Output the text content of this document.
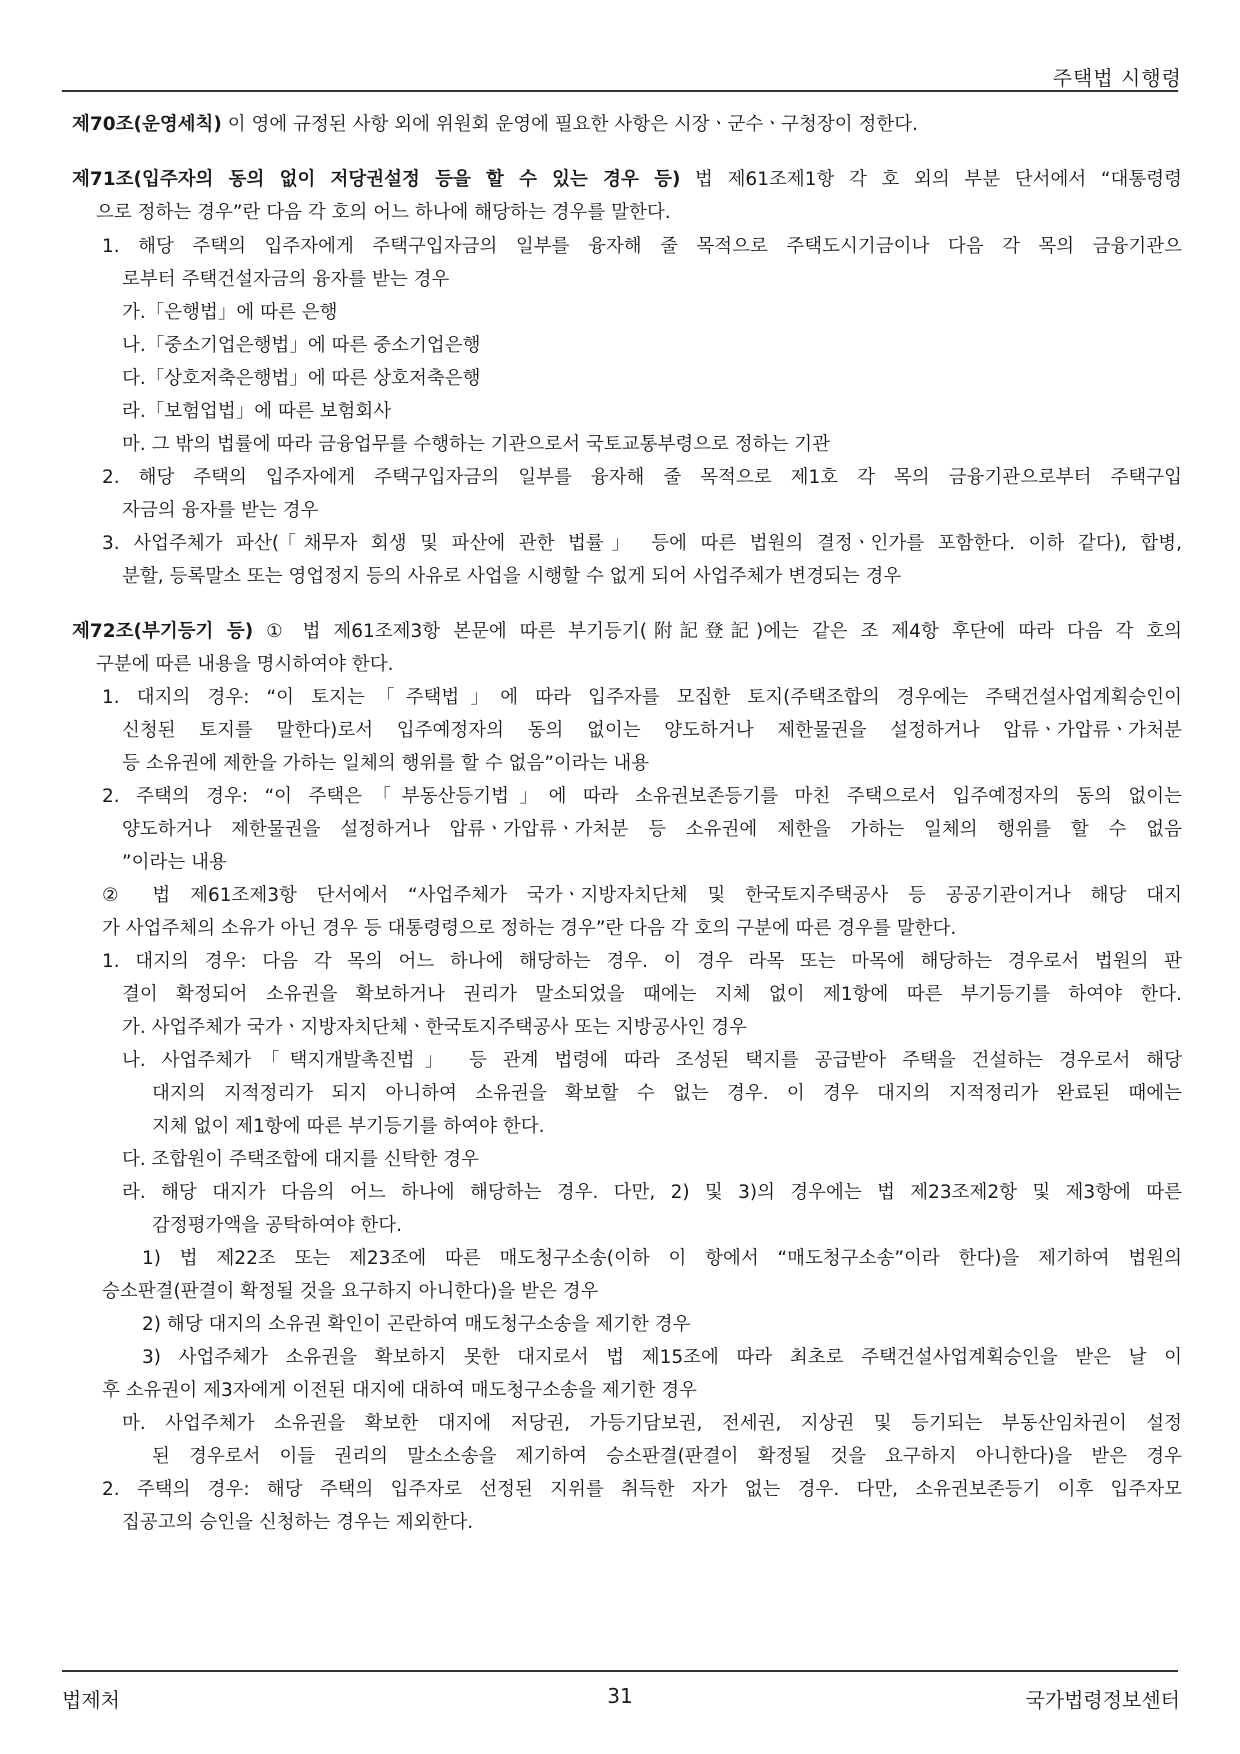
주택법 시행령
제70조(운영세칙) 이 영에 규정된 사항 외에 위원회 운영에 필요한 사항은 시장ㆍ군수ㆍ구청장이 정한다.
제71조(입주자의 동의 없이 저당권설정 등을 할 수 있는 경우 등) 법 제61조제1항 각 호 외의 부분 단서에서 “대통령령
으로 정하는 경우”란 다음 각 호의 어느 하나에 해당하는 경우를 말한다.
1. 해당 주택의 입주자에게 주택구입자금의 일부를 융자해 줄 목적으로 주택도시기금이나 다음 각 목의 금융기관으
로부터 주택건설자금의 융자를 받는 경우
가.「은행법」에 따른 은행
나.「중소기업은행법」에 따른 중소기업은행
다.「상호저축은행법」에 따른 상호저축은행
라.「보험업법」에 따른 보험회사
마. 그 밖의 법률에 따라 금융업무를 수행하는 기관으로서 국토교통부령으로 정하는 기관
2. 해당 주택의 입주자에게 주택구입자금의 일부를 융자해 줄 목적으로 제1호 각 목의 금융기관으로부터 주택구입
자금의 융자를 받는 경우
3. 사업주체가 파산(「채무자 회생 및 파산에 관한 법률」 등에 따른 법원의 결정ㆍ인가를 포함한다. 이하 같다), 합병,
분할, 등록말소 또는 영업정지 등의 사유로 사업을 시행할 수 없게 되어 사업주체가 변경되는 경우
제72조(부기등기 등) ① 법 제61조제3항 본문에 따른 부기등기(附記登記)에는 같은 조 제4항 후단에 따라 다음 각 호의
구분에 따른 내용을 명시하여야 한다.
1. 대지의 경우: “이 토지는「주택법」에 따라 입주자를 모집한 토지(주택조합의 경우에는 주택건설사업계획승인이
신청된 토지를 말한다)로서 입주예정자의 동의 없이는 양도하거나 제한물권을 설정하거나 압류ㆍ가압류ㆍ가처분
등 소유권에 제한을 가하는 일체의 행위를 할 수 없음”이라는 내용
2. 주택의 경우: “이 주택은「부동산등기법」에 따라 소유권보존등기를 마친 주택으로서 입주예정자의 동의 없이는
양도하거나 제한물권을 설정하거나 압류ㆍ가압류ㆍ가처분 등 소유권에 제한을 가하는 일체의 행위를 할 수 없음
”이라는 내용
② 법 제61조제3항 단서에서 “사업주체가 국가ㆍ지방자치단체 및 한국토지주택공사 등 공공기관이거나 해당 대지
가 사업주체의 소유가 아닌 경우 등 대통령령으로 정하는 경우”란 다음 각 호의 구분에 따른 경우를 말한다.
1. 대지의 경우: 다음 각 목의 어느 하나에 해당하는 경우. 이 경우 라목 또는 마목에 해당하는 경우로서 법원의 판
결이 확정되어 소유권을 확보하거나 권리가 말소되었을 때에는 지체 없이 제1항에 따른 부기등기를 하여야 한다.
가. 사업주체가 국가ㆍ지방자치단체ㆍ한국토지주택공사 또는 지방공사인 경우
나. 사업주체가「택지개발촉진법」 등 관계 법령에 따라 조성된 택지를 공급받아 주택을 건설하는 경우로서 해당
대지의 지적정리가 되지 아니하여 소유권을 확보할 수 없는 경우. 이 경우 대지의 지적정리가 완료된 때에는
지체 없이 제1항에 따른 부기등기를 하여야 한다.
다. 조합원이 주택조합에 대지를 신탁한 경우
라. 해당 대지가 다음의 어느 하나에 해당하는 경우. 다만, 2) 및 3)의 경우에는 법 제23조제2항 및 제3항에 따른
감정평가액을 공탁하여야 한다.
1) 법 제22조 또는 제23조에 따른 매도청구소송(이하 이 항에서 “매도청구소송”이라 한다)을 제기하여 법원의
승소판결(판결이 확정될 것을 요구하지 아니한다)을 받은 경우
2) 해당 대지의 소유권 확인이 곤란하여 매도청구소송을 제기한 경우
3) 사업주체가 소유권을 확보하지 못한 대지로서 법 제15조에 따라 최초로 주택건설사업계획승인을 받은 날 이
후 소유권이 제3자에게 이전된 대지에 대하여 매도청구소송을 제기한 경우
마. 사업주체가 소유권을 확보한 대지에 저당권, 가등기담보권, 전세권, 지상권 및 등기되는 부동산임차권이 설정
된 경우로서 이들 권리의 말소소송을 제기하여 승소판결(판결이 확정될 것을 요구하지 아니한다)을 받은 경우
2. 주택의 경우: 해당 주택의 입주자로 선정된 지위를 취득한 자가 없는 경우. 다만, 소유권보존등기 이후 입주자모
집공고의 승인을 신청하는 경우는 제외한다.
법제처	31	국가법령정보센터
